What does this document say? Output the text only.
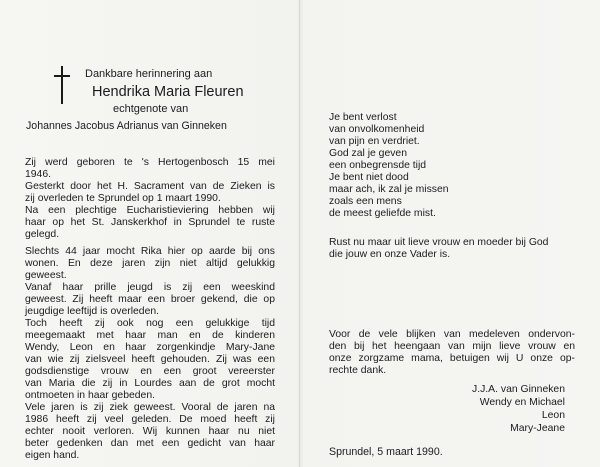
Dankbare herinnering aan
Hendrika Maria Fleuren
echtgenote van
Johannes Jacobus Adrianus van Ginneken
Zij werd geboren te 's Hertogenbosch 15 mei
1946.
Gesterkt door het H. Sacrament van de Zieken is
zij overleden te Sprundel op 1 maart 1990.
Na een plechtige Eucharistieviering hebben wij
haar op het St. Janskerkhof in Sprundel te ruste
gelegd.
Slechts 44 jaar mocht Rika hier op aarde bij ons
wonen. En deze jaren zijn niet altijd gelukkig
geweest.
Vanaf haar prille jeugd is zij een weeskind
geweest. Zij heeft maar een broer gekend, die op
jeugdige leeftijd is overleden.
Toch heeft zij ook nog een gelukkige tijd
meegemaakt met haar man en de kinderen
Wendy, Leon en haar zorgenkindje Mary-Jane
van wie zij zielsveel heeft gehouden. Zij was een
godsdienstige vrouw en een groot vereerster
van Maria die zij in Lourdes aan de grot mocht
ontmoeten in haar gebeden.
Vele jaren is zij ziek geweest. Vooral de jaren na
1986 heeft zij veel geleden. De moed heeft zij
echter nooit verloren. Wij kunnen haar nu niet
beter gedenken dan met een gedicht van haar
eigen hand.
Je bent verlost
van onvolkomenheid
van pijn en verdriet.
God zal je geven
een onbegrensde tijd
Je bent niet dood
maar ach, ik zal je missen
zoals een mens
de meest geliefde mist.
Rust nu maar uit lieve vrouw en moeder bij God
die jouw en onze Vader is.
Voor de vele blijken van medeleven ondervon-
den bij het heengaan van mijn lieve vrouw en
onze zorgzame mama, betuigen wij U onze op-
rechte dank.
J.J.A. van Ginneken
Wendy en Michael
Leon
Mary-Jeane
Sprundel, 5 maart 1990.
